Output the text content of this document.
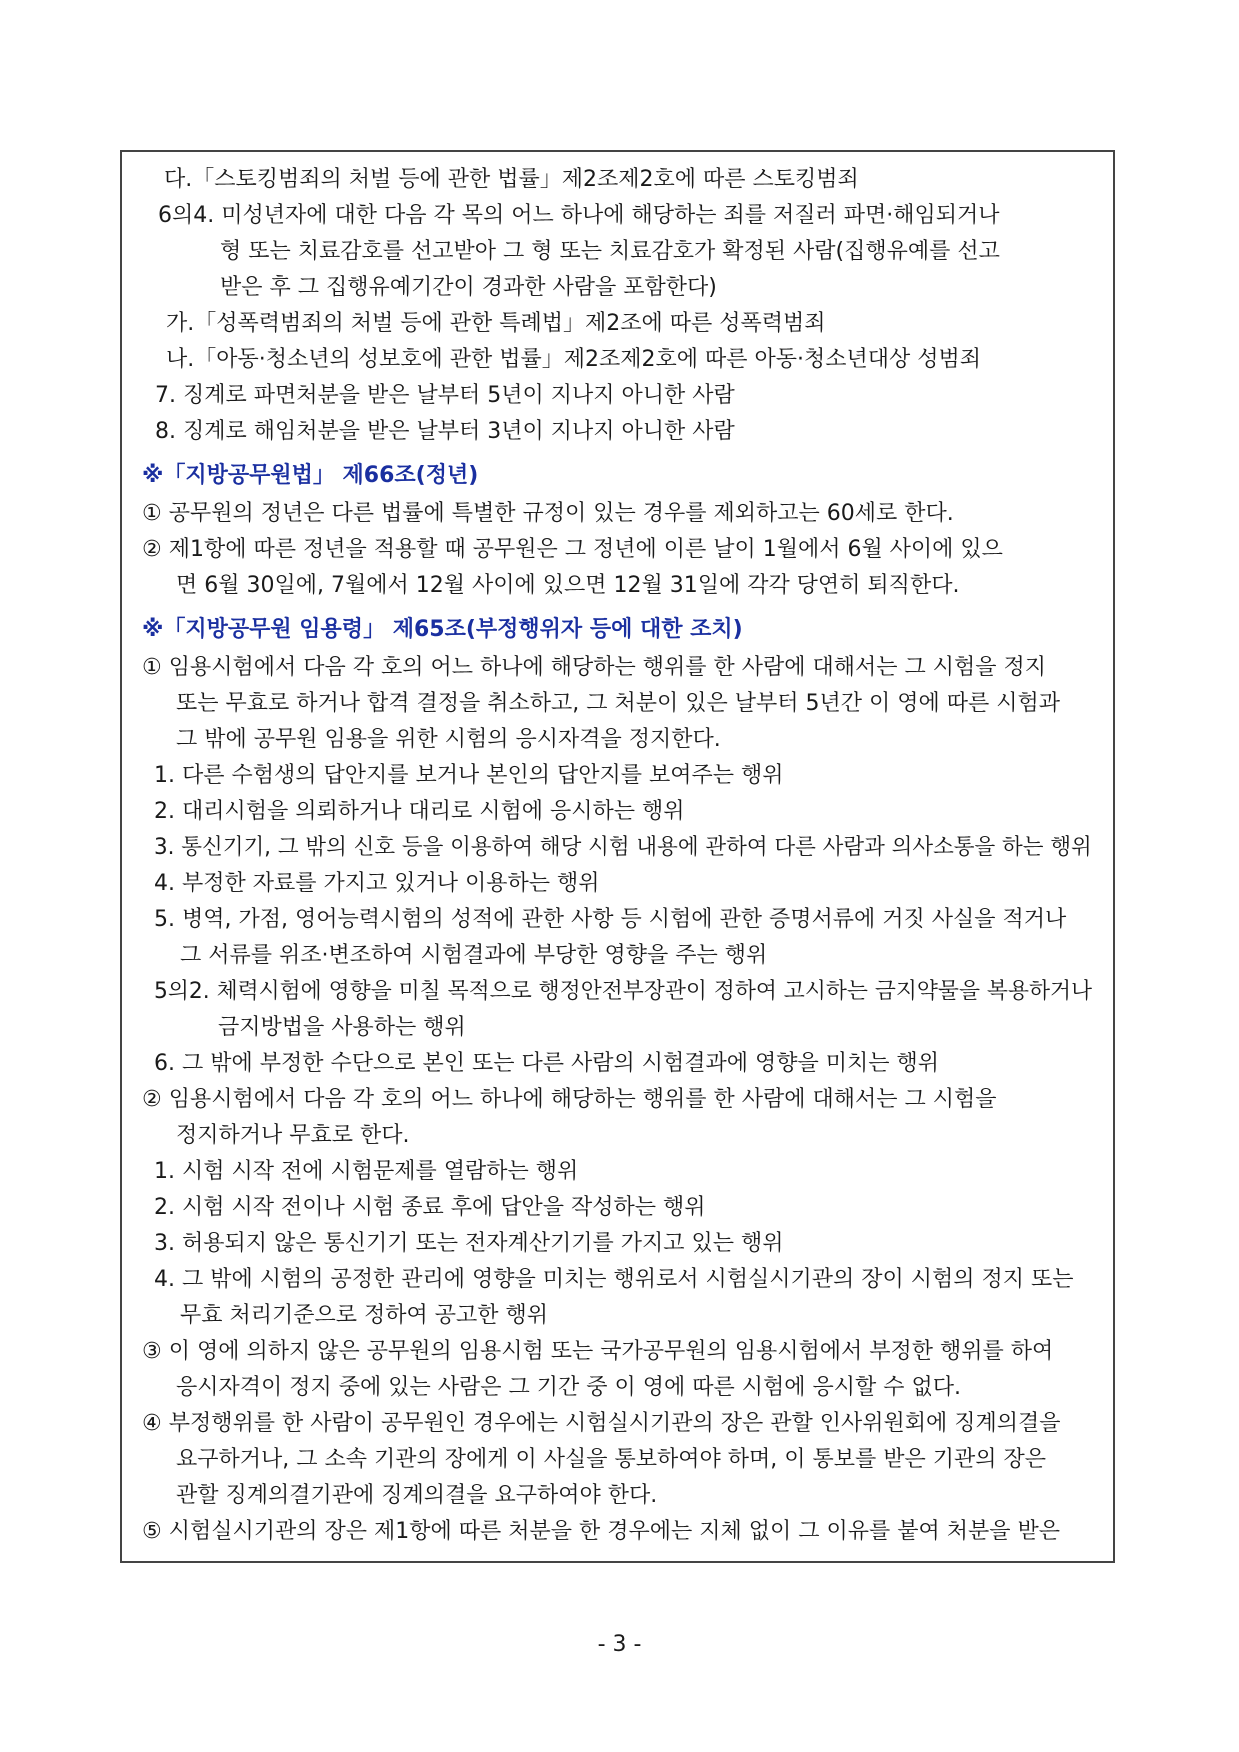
다.「스토킹범죄의 처벌 등에 관한 법률」제2조제2호에 따른 스토킹범죄
6의4. 미성년자에 대한 다음 각 목의 어느 하나에 해당하는 죄를 저질러 파면·해임되거나
형 또는 치료감호를 선고받아 그 형 또는 치료감호가 확정된 사람(집행유예를 선고
받은 후 그 집행유예기간이 경과한 사람을 포함한다)
가.「성폭력범죄의 처벌 등에 관한 특례법」제2조에 따른 성폭력범죄
나.「아동·청소년의 성보호에 관한 법률」제2조제2호에 따른 아동·청소년대상 성범죄
7. 징계로 파면처분을 받은 날부터 5년이 지나지 아니한 사람
8. 징계로 해임처분을 받은 날부터 3년이 지나지 아니한 사람
※「지방공무원법」 제66조(정년)
① 공무원의 정년은 다른 법률에 특별한 규정이 있는 경우를 제외하고는 60세로 한다.
② 제1항에 따른 정년을 적용할 때 공무원은 그 정년에 이른 날이 1월에서 6월 사이에 있으
면 6월 30일에, 7월에서 12월 사이에 있으면 12월 31일에 각각 당연히 퇴직한다.
※「지방공무원 임용령」 제65조(부정행위자 등에 대한 조치)
① 임용시험에서 다음 각 호의 어느 하나에 해당하는 행위를 한 사람에 대해서는 그 시험을 정지
또는 무효로 하거나 합격 결정을 취소하고, 그 처분이 있은 날부터 5년간 이 영에 따른 시험과
그 밖에 공무원 임용을 위한 시험의 응시자격을 정지한다.
1. 다른 수험생의 답안지를 보거나 본인의 답안지를 보여주는 행위
2. 대리시험을 의뢰하거나 대리로 시험에 응시하는 행위
3. 통신기기, 그 밖의 신호 등을 이용하여 해당 시험 내용에 관하여 다른 사람과 의사소통을 하는 행위
4. 부정한 자료를 가지고 있거나 이용하는 행위
5. 병역, 가점, 영어능력시험의 성적에 관한 사항 등 시험에 관한 증명서류에 거짓 사실을 적거나
그 서류를 위조·변조하여 시험결과에 부당한 영향을 주는 행위
5의2. 체력시험에 영향을 미칠 목적으로 행정안전부장관이 정하여 고시하는 금지약물을 복용하거나
금지방법을 사용하는 행위
6. 그 밖에 부정한 수단으로 본인 또는 다른 사람의 시험결과에 영향을 미치는 행위
② 임용시험에서 다음 각 호의 어느 하나에 해당하는 행위를 한 사람에 대해서는 그 시험을
정지하거나 무효로 한다.
1. 시험 시작 전에 시험문제를 열람하는 행위
2. 시험 시작 전이나 시험 종료 후에 답안을 작성하는 행위
3. 허용되지 않은 통신기기 또는 전자계산기기를 가지고 있는 행위
4. 그 밖에 시험의 공정한 관리에 영향을 미치는 행위로서 시험실시기관의 장이 시험의 정지 또는
무효 처리기준으로 정하여 공고한 행위
③ 이 영에 의하지 않은 공무원의 임용시험 또는 국가공무원의 임용시험에서 부정한 행위를 하여
응시자격이 정지 중에 있는 사람은 그 기간 중 이 영에 따른 시험에 응시할 수 없다.
④ 부정행위를 한 사람이 공무원인 경우에는 시험실시기관의 장은 관할 인사위원회에 징계의결을
요구하거나, 그 소속 기관의 장에게 이 사실을 통보하여야 하며, 이 통보를 받은 기관의 장은
관할 징계의결기관에 징계의결을 요구하여야 한다.
⑤ 시험실시기관의 장은 제1항에 따른 처분을 한 경우에는 지체 없이 그 이유를 붙여 처분을 받은
- 3 -
